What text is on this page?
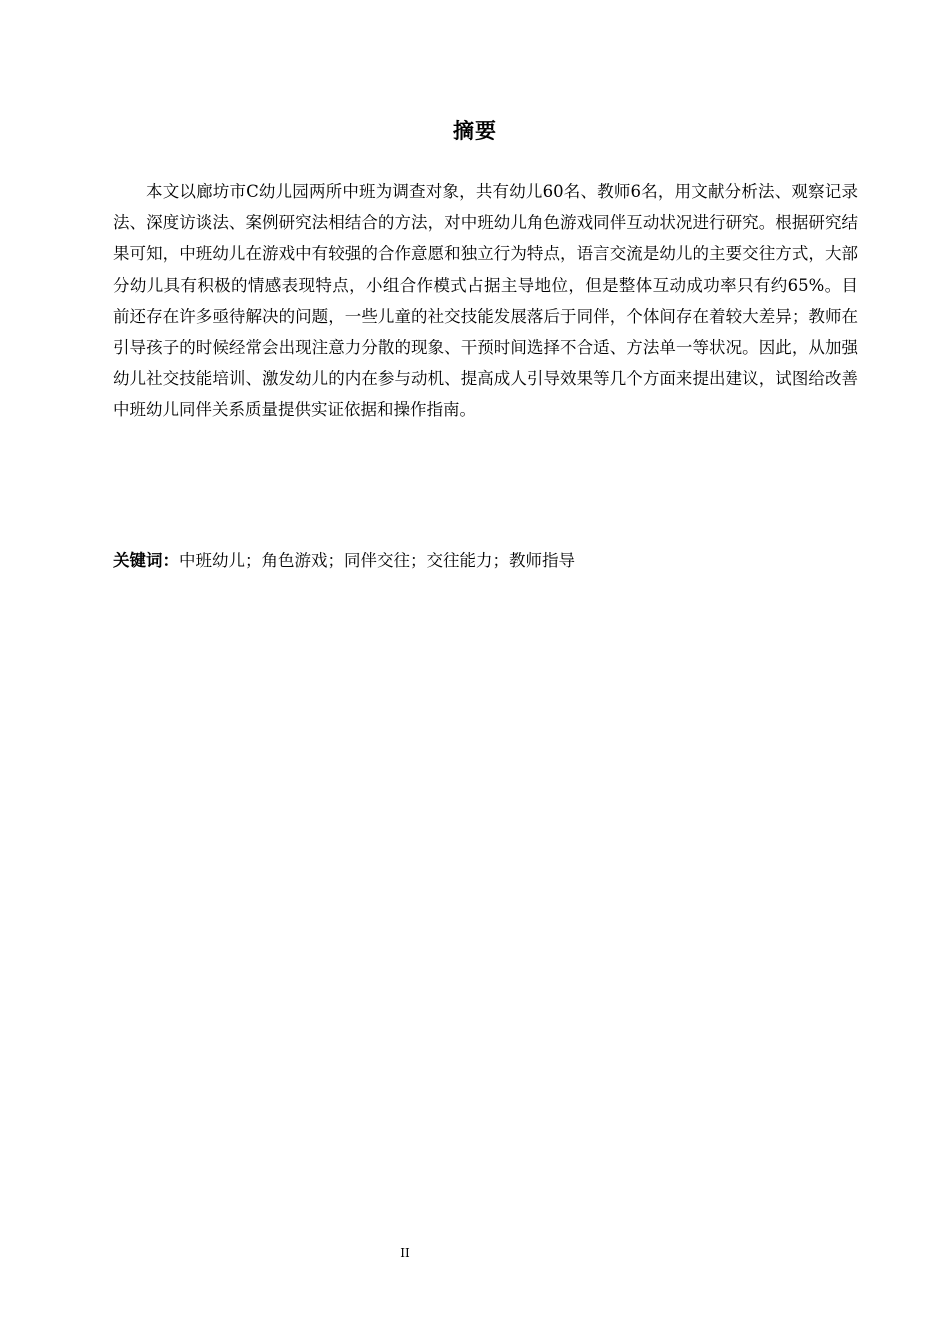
摘要

本文以廊坊市C幼儿园两所中班为调查对象，共有幼儿60名、教师6名，用文献分析法、观察记录法、深度访谈法、案例研究法相结合的方法，对中班幼儿角色游戏同伴互动状况进行研究。根据研究结果可知，中班幼儿在游戏中有较强的合作意愿和独立行为特点，语言交流是幼儿的主要交往方式，大部分幼儿具有积极的情感表现特点，小组合作模式占据主导地位，但是整体互动成功率只有约65%。目前还存在许多亟待解决的问题，一些儿童的社交技能发展落后于同伴，个体间存在着较大差异；教师在引导孩子的时候经常会出现注意力分散的现象、干预时间选择不合适、方法单一等状况。因此，从加强幼儿社交技能培训、激发幼儿的内在参与动机、提高成人引导效果等几个方面来提出建议，试图给改善中班幼儿同伴关系质量提供实证依据和操作指南。

关键词：中班幼儿；角色游戏；同伴交往；交往能力；教师指导

II
